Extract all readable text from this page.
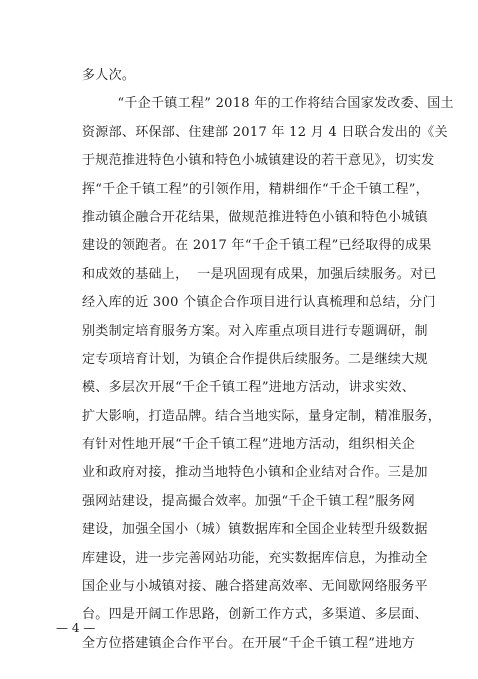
多人次。
“千企千镇工程” 2018 年的工作将结合国家发改委、国土
资源部、环保部、住建部 2017 年 12 月 4 日联合发出的《关
于规范推进特色小镇和特色小城镇建设的若干意见》，切实发
挥“千企千镇工程”的引领作用，精耕细作“千企千镇工程”，
推动镇企融合开花结果，做规范推进特色小镇和特色小城镇
建设的领跑者。在 2017 年“千企千镇工程”已经取得的成果
和成效的基础上，  一是巩固现有成果，加强后续服务。对已
经入库的近 300 个镇企合作项目进行认真梳理和总结，分门
别类制定培育服务方案。对入库重点项目进行专题调研，制
定专项培育计划，为镇企合作提供后续服务。二是继续大规
模、多层次开展“千企千镇工程”进地方活动，讲求实效、
扩大影响，打造品牌。结合当地实际，量身定制，精准服务，
有针对性地开展“千企千镇工程”进地方活动，组织相关企
业和政府对接，推动当地特色小镇和企业结对合作。三是加
强网站建设，提高撮合效率。加强“千企千镇工程”服务网
建设，加强全国小（城）镇数据库和全国企业转型升级数据
库建设，进一步完善网站功能，充实数据库信息，为推动全
国企业与小城镇对接、融合搭建高效率、无间歇网络服务平
台。四是开阔工作思路，创新工作方式，多渠道、多层面、
全方位搭建镇企合作平台。在开展“千企千镇工程”进地方
— 4 —
